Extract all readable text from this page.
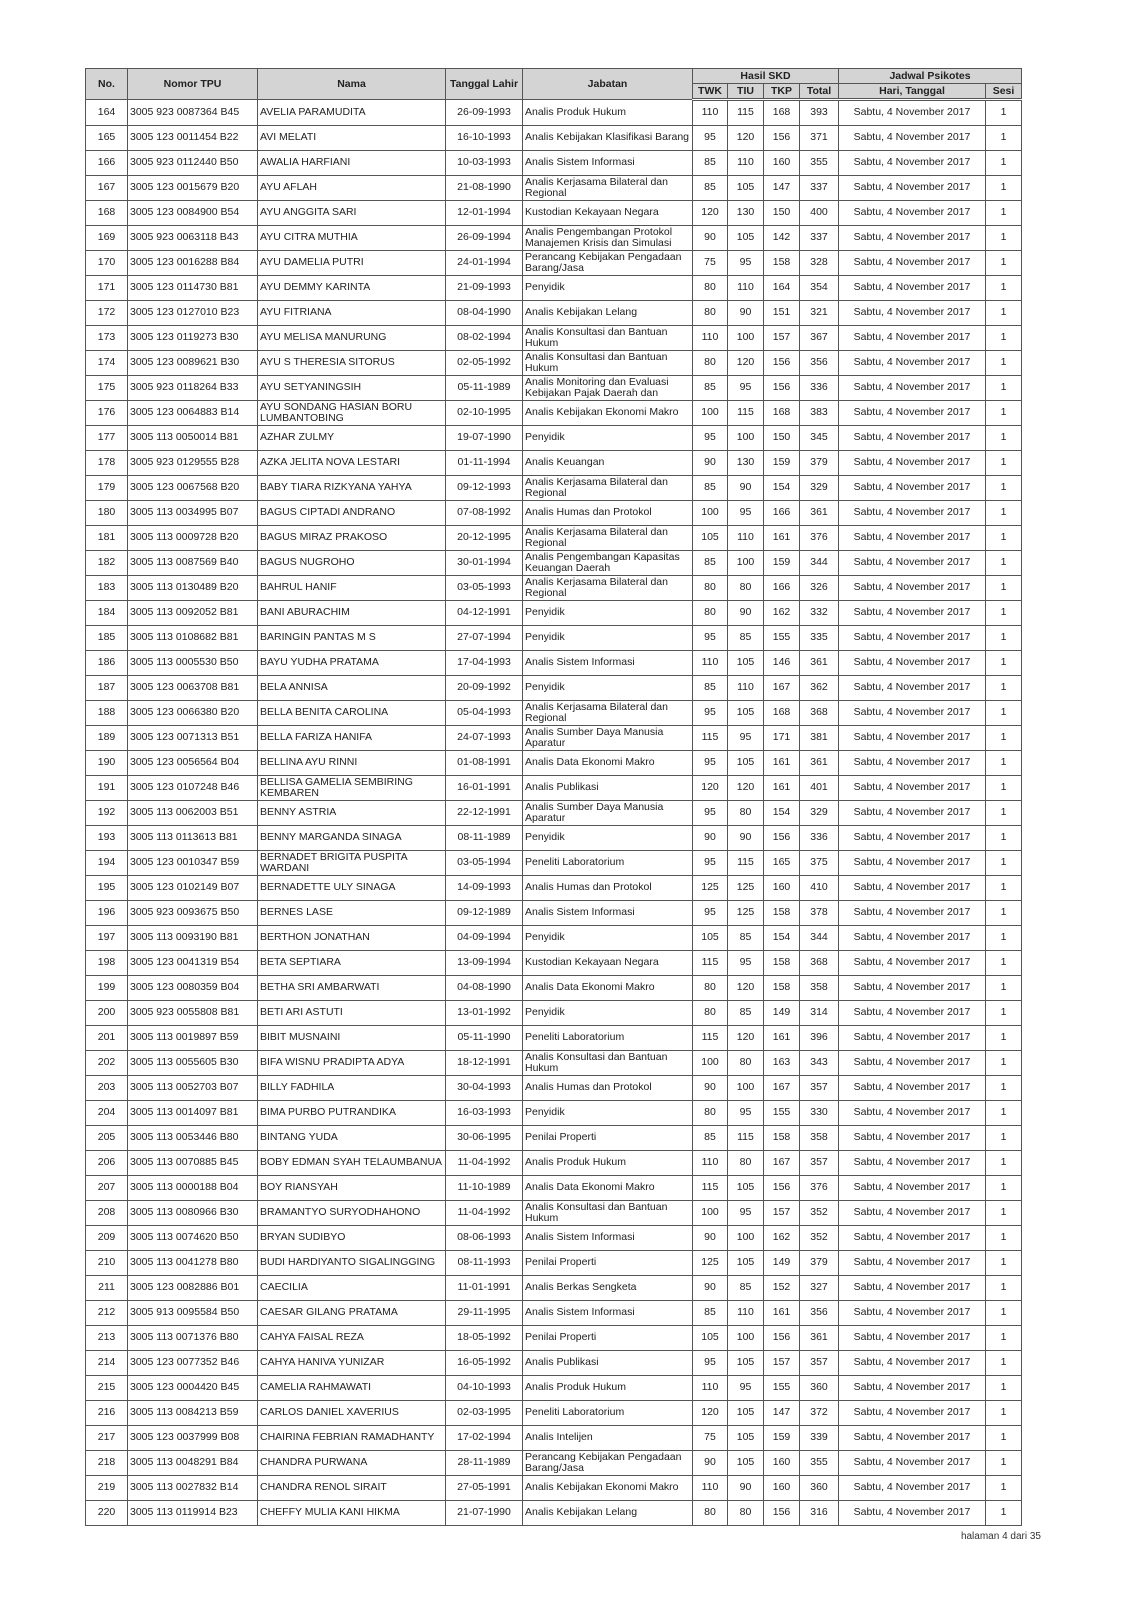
No.	Nomor TPU	Nama	Tanggal Lahir	Jabatan	Hasil SKD				Jadwal Psikotes	
					TWK	TIU	TKP	Total	Hari, Tanggal	Sesi

164	3005 923 0087364 B45	AVELIA PARAMUDITA	26-09-1993	Analis Produk Hukum	110	115	168	393	Sabtu, 4 November 2017	1

165	3005 123 0011454 B22	AVI MELATI	16-10-1993	Analis Kebijakan Klasifikasi Barang	95	120	156	371	Sabtu, 4 November 2017	1

166	3005 923 0112440 B50	AWALIA HARFIANI	10-03-1993	Analis Sistem Informasi	85	110	160	355	Sabtu, 4 November 2017	1

167	3005 123 0015679 B20	AYU AFLAH	21-08-1990	Analis Kerjasama Bilateral dan Regional	85	105	147	337	Sabtu, 4 November 2017	1

168	3005 123 0084900 B54	AYU ANGGITA SARI	12-01-1994	Kustodian Kekayaan Negara	120	130	150	400	Sabtu, 4 November 2017	1

169	3005 923 0063118 B43	AYU CITRA MUTHIA	26-09-1994	Analis Pengembangan Protokol Manajemen Krisis dan Simulasi	90	105	142	337	Sabtu, 4 November 2017	1

170	3005 123 0016288 B84	AYU DAMELIA PUTRI	24-01-1994	Perancang Kebijakan Pengadaan Barang/Jasa	75	95	158	328	Sabtu, 4 November 2017	1

171	3005 123 0114730 B81	AYU DEMMY KARINTA	21-09-1993	Penyidik	80	110	164	354	Sabtu, 4 November 2017	1

172	3005 123 0127010 B23	AYU FITRIANA	08-04-1990	Analis Kebijakan Lelang	80	90	151	321	Sabtu, 4 November 2017	1

173	3005 123 0119273 B30	AYU MELISA MANURUNG	08-02-1994	Analis Konsultasi dan Bantuan Hukum	110	100	157	367	Sabtu, 4 November 2017	1

174	3005 123 0089621 B30	AYU S THERESIA SITORUS	02-05-1992	Analis Konsultasi dan Bantuan Hukum	80	120	156	356	Sabtu, 4 November 2017	1

175	3005 923 0118264 B33	AYU SETYANINGSIH	05-11-1989	Analis Monitoring dan Evaluasi Kebijakan Pajak Daerah dan	85	95	156	336	Sabtu, 4 November 2017	1

176	3005 123 0064883 B14	AYU SONDANG HASIAN BORU LUMBANTOBING	02-10-1995	Analis Kebijakan Ekonomi Makro	100	115	168	383	Sabtu, 4 November 2017	1

177	3005 113 0050014 B81	AZHAR ZULMY	19-07-1990	Penyidik	95	100	150	345	Sabtu, 4 November 2017	1

178	3005 923 0129555 B28	AZKA JELITA NOVA LESTARI	01-11-1994	Analis Keuangan	90	130	159	379	Sabtu, 4 November 2017	1

179	3005 123 0067568 B20	BABY TIARA RIZKYANA YAHYA	09-12-1993	Analis Kerjasama Bilateral dan Regional	85	90	154	329	Sabtu, 4 November 2017	1

180	3005 113 0034995 B07	BAGUS CIPTADI ANDRANO	07-08-1992	Analis Humas dan Protokol	100	95	166	361	Sabtu, 4 November 2017	1

181	3005 113 0009728 B20	BAGUS MIRAZ PRAKOSO	20-12-1995	Analis Kerjasama Bilateral dan Regional	105	110	161	376	Sabtu, 4 November 2017	1

182	3005 113 0087569 B40	BAGUS NUGROHO	30-01-1994	Analis Pengembangan Kapasitas Keuangan Daerah	85	100	159	344	Sabtu, 4 November 2017	1

183	3005 113 0130489 B20	BAHRUL HANIF	03-05-1993	Analis Kerjasama Bilateral dan Regional	80	80	166	326	Sabtu, 4 November 2017	1

184	3005 113 0092052 B81	BANI ABURACHIM	04-12-1991	Penyidik	80	90	162	332	Sabtu, 4 November 2017	1

185	3005 113 0108682 B81	BARINGIN PANTAS M S	27-07-1994	Penyidik	95	85	155	335	Sabtu, 4 November 2017	1

186	3005 113 0005530 B50	BAYU YUDHA PRATAMA	17-04-1993	Analis Sistem Informasi	110	105	146	361	Sabtu, 4 November 2017	1

187	3005 123 0063708 B81	BELA ANNISA	20-09-1992	Penyidik	85	110	167	362	Sabtu, 4 November 2017	1

188	3005 123 0066380 B20	BELLA BENITA CAROLINA	05-04-1993	Analis Kerjasama Bilateral dan Regional	95	105	168	368	Sabtu, 4 November 2017	1

189	3005 123 0071313 B51	BELLA FARIZA HANIFA	24-07-1993	Analis Sumber Daya Manusia Aparatur	115	95	171	381	Sabtu, 4 November 2017	1

190	3005 123 0056564 B04	BELLINA AYU RINNI	01-08-1991	Analis Data Ekonomi Makro	95	105	161	361	Sabtu, 4 November 2017	1

191	3005 123 0107248 B46	BELLISA GAMELIA SEMBIRING KEMBAREN	16-01-1991	Analis Publikasi	120	120	161	401	Sabtu, 4 November 2017	1

192	3005 113 0062003 B51	BENNY ASTRIA	22-12-1991	Analis Sumber Daya Manusia Aparatur	95	80	154	329	Sabtu, 4 November 2017	1

193	3005 113 0113613 B81	BENNY MARGANDA SINAGA	08-11-1989	Penyidik	90	90	156	336	Sabtu, 4 November 2017	1

194	3005 123 0010347 B59	BERNADET BRIGITA PUSPITA WARDANI	03-05-1994	Peneliti Laboratorium	95	115	165	375	Sabtu, 4 November 2017	1

195	3005 123 0102149 B07	BERNADETTE ULY SINAGA	14-09-1993	Analis Humas dan Protokol	125	125	160	410	Sabtu, 4 November 2017	1

196	3005 923 0093675 B50	BERNES LASE	09-12-1989	Analis Sistem Informasi	95	125	158	378	Sabtu, 4 November 2017	1

197	3005 113 0093190 B81	BERTHON JONATHAN	04-09-1994	Penyidik	105	85	154	344	Sabtu, 4 November 2017	1

198	3005 123 0041319 B54	BETA SEPTIARA	13-09-1994	Kustodian Kekayaan Negara	115	95	158	368	Sabtu, 4 November 2017	1

199	3005 123 0080359 B04	BETHA SRI AMBARWATI	04-08-1990	Analis Data Ekonomi Makro	80	120	158	358	Sabtu, 4 November 2017	1

200	3005 923 0055808 B81	BETI ARI ASTUTI	13-01-1992	Penyidik	80	85	149	314	Sabtu, 4 November 2017	1

201	3005 113 0019897 B59	BIBIT MUSNAINI	05-11-1990	Peneliti Laboratorium	115	120	161	396	Sabtu, 4 November 2017	1

202	3005 113 0055605 B30	BIFA WISNU PRADIPTA ADYA	18-12-1991	Analis Konsultasi dan Bantuan Hukum	100	80	163	343	Sabtu, 4 November 2017	1

203	3005 113 0052703 B07	BILLY FADHILA	30-04-1993	Analis Humas dan Protokol	90	100	167	357	Sabtu, 4 November 2017	1

204	3005 113 0014097 B81	BIMA PURBO PUTRANDIKA	16-03-1993	Penyidik	80	95	155	330	Sabtu, 4 November 2017	1

205	3005 113 0053446 B80	BINTANG YUDA	30-06-1995	Penilai Properti	85	115	158	358	Sabtu, 4 November 2017	1

206	3005 113 0070885 B45	BOBY EDMAN SYAH TELAUMBANUA	11-04-1992	Analis Produk Hukum	110	80	167	357	Sabtu, 4 November 2017	1

207	3005 113 0000188 B04	BOY RIANSYAH	11-10-1989	Analis Data Ekonomi Makro	115	105	156	376	Sabtu, 4 November 2017	1

208	3005 113 0080966 B30	BRAMANTYO SURYODHAHONO	11-04-1992	Analis Konsultasi dan Bantuan Hukum	100	95	157	352	Sabtu, 4 November 2017	1

209	3005 113 0074620 B50	BRYAN SUDIBYO	08-06-1993	Analis Sistem Informasi	90	100	162	352	Sabtu, 4 November 2017	1

210	3005 113 0041278 B80	BUDI HARDIYANTO SIGALINGGING	08-11-1993	Penilai Properti	125	105	149	379	Sabtu, 4 November 2017	1

211	3005 123 0082886 B01	CAECILIA	11-01-1991	Analis Berkas Sengketa	90	85	152	327	Sabtu, 4 November 2017	1

212	3005 913 0095584 B50	CAESAR GILANG PRATAMA	29-11-1995	Analis Sistem Informasi	85	110	161	356	Sabtu, 4 November 2017	1

213	3005 113 0071376 B80	CAHYA FAISAL REZA	18-05-1992	Penilai Properti	105	100	156	361	Sabtu, 4 November 2017	1

214	3005 123 0077352 B46	CAHYA HANIVA YUNIZAR	16-05-1992	Analis Publikasi	95	105	157	357	Sabtu, 4 November 2017	1

215	3005 123 0004420 B45	CAMELIA RAHMAWATI	04-10-1993	Analis Produk Hukum	110	95	155	360	Sabtu, 4 November 2017	1

216	3005 113 0084213 B59	CARLOS DANIEL XAVERIUS	02-03-1995	Peneliti Laboratorium	120	105	147	372	Sabtu, 4 November 2017	1

217	3005 123 0037999 B08	CHAIRINA FEBRIAN RAMADHANTY	17-02-1994	Analis Intelijen	75	105	159	339	Sabtu, 4 November 2017	1

218	3005 113 0048291 B84	CHANDRA PURWANA	28-11-1989	Perancang Kebijakan Pengadaan Barang/Jasa	90	105	160	355	Sabtu, 4 November 2017	1

219	3005 113 0027832 B14	CHANDRA RENOL SIRAIT	27-05-1991	Analis Kebijakan Ekonomi Makro	110	90	160	360	Sabtu, 4 November 2017	1

220	3005 113 0119914 B23	CHEFFY MULIA KANI HIKMA	21-07-1990	Analis Kebijakan Lelang	80	80	156	316	Sabtu, 4 November 2017	1
halaman 4 dari 35
